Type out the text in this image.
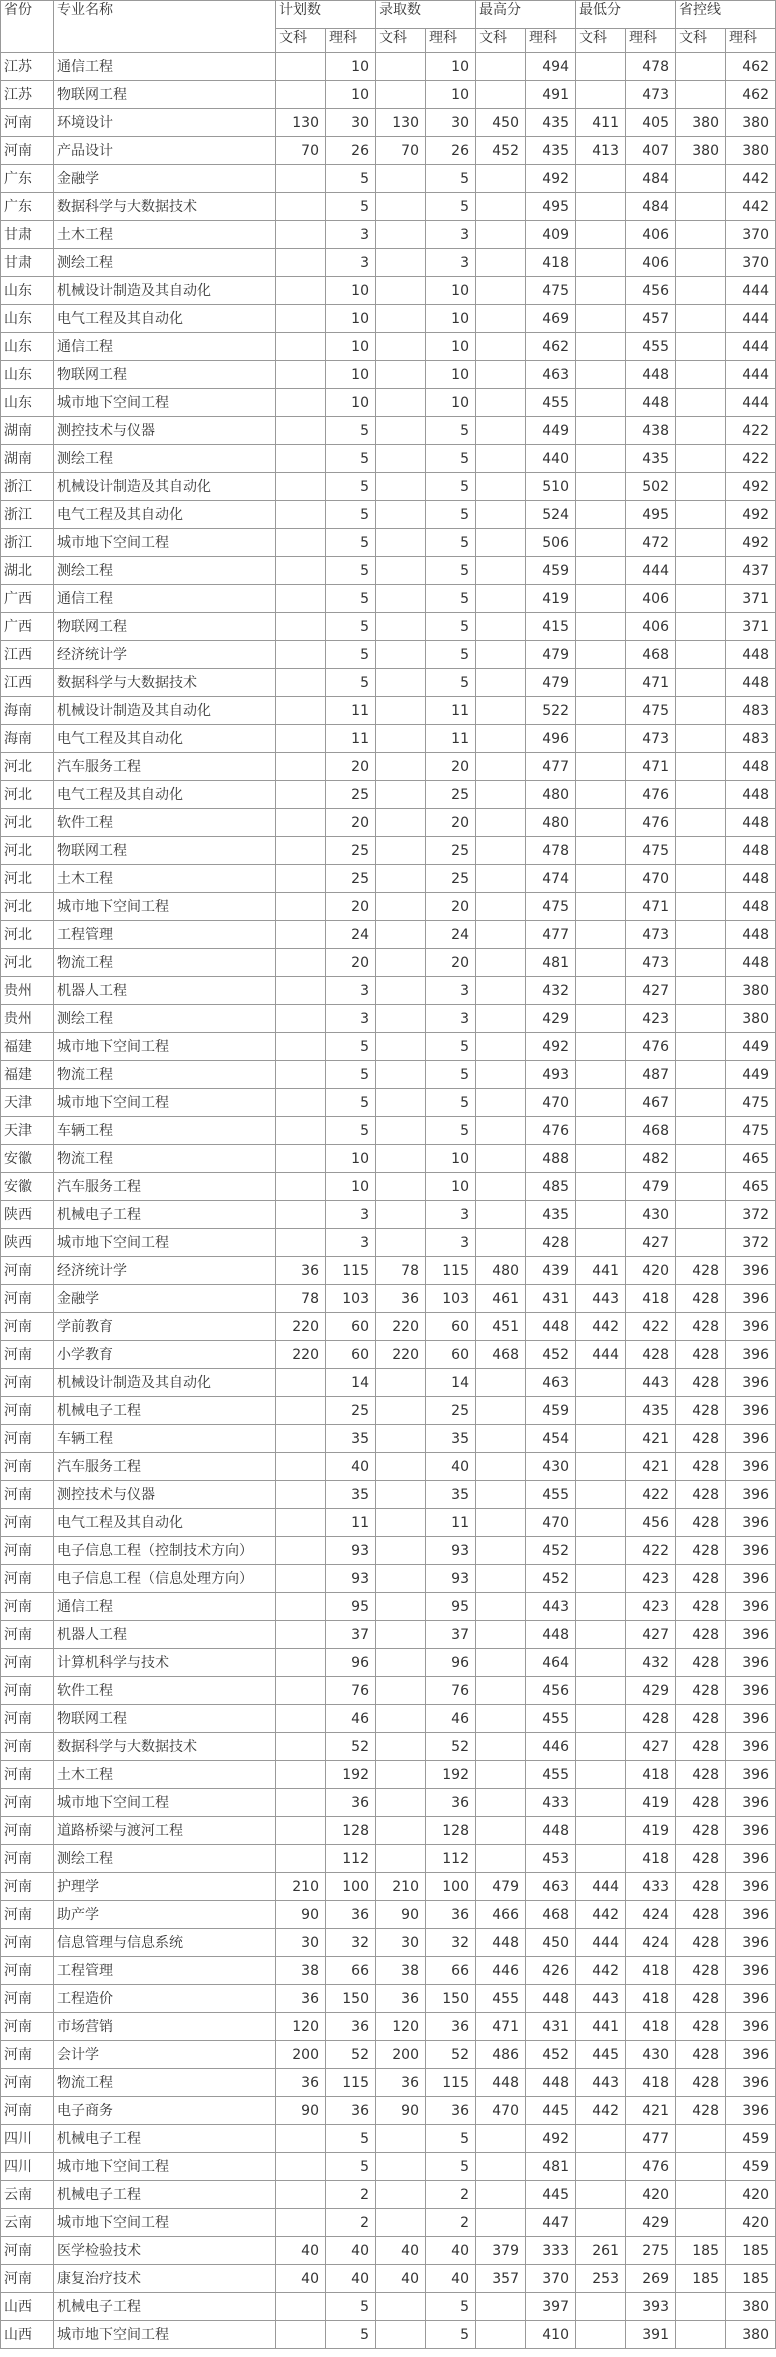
省份	专业名称	计划数		录取数		最高分		最低分		省控线	
		文科	理科	文科	理科	文科	理科	文科	理科	文科	理科
江苏	通信工程		10		10		494		478		462
江苏	物联网工程		10		10		491		473		462
河南	环境设计	130	30	130	30	450	435	411	405	380	380
河南	产品设计	70	26	70	26	452	435	413	407	380	380
广东	金融学		5		5		492		484		442
广东	数据科学与大数据技术		5		5		495		484		442
甘肃	土木工程		3		3		409		406		370
甘肃	测绘工程		3		3		418		406		370
山东	机械设计制造及其自动化		10		10		475		456		444
山东	电气工程及其自动化		10		10		469		457		444
山东	通信工程		10		10		462		455		444
山东	物联网工程		10		10		463		448		444
山东	城市地下空间工程		10		10		455		448		444
湖南	测控技术与仪器		5		5		449		438		422
湖南	测绘工程		5		5		440		435		422
浙江	机械设计制造及其自动化		5		5		510		502		492
浙江	电气工程及其自动化		5		5		524		495		492
浙江	城市地下空间工程		5		5		506		472		492
湖北	测绘工程		5		5		459		444		437
广西	通信工程		5		5		419		406		371
广西	物联网工程		5		5		415		406		371
江西	经济统计学		5		5		479		468		448
江西	数据科学与大数据技术		5		5		479		471		448
海南	机械设计制造及其自动化		11		11		522		475		483
海南	电气工程及其自动化		11		11		496		473		483
河北	汽车服务工程		20		20		477		471		448
河北	电气工程及其自动化		25		25		480		476		448
河北	软件工程		20		20		480		476		448
河北	物联网工程		25		25		478		475		448
河北	土木工程		25		25		474		470		448
河北	城市地下空间工程		20		20		475		471		448
河北	工程管理		24		24		477		473		448
河北	物流工程		20		20		481		473		448
贵州	机器人工程		3		3		432		427		380
贵州	测绘工程		3		3		429		423		380
福建	城市地下空间工程		5		5		492		476		449
福建	物流工程		5		5		493		487		449
天津	城市地下空间工程		5		5		470		467		475
天津	车辆工程		5		5		476		468		475
安徽	物流工程		10		10		488		482		465
安徽	汽车服务工程		10		10		485		479		465
陕西	机械电子工程		3		3		435		430		372
陕西	城市地下空间工程		3		3		428		427		372
河南	经济统计学	36	115	78	115	480	439	441	420	428	396
河南	金融学	78	103	36	103	461	431	443	418	428	396
河南	学前教育	220	60	220	60	451	448	442	422	428	396
河南	小学教育	220	60	220	60	468	452	444	428	428	396
河南	机械设计制造及其自动化		14		14		463		443	428	396
河南	机械电子工程		25		25		459		435	428	396
河南	车辆工程		35		35		454		421	428	396
河南	汽车服务工程		40		40		430		421	428	396
河南	测控技术与仪器		35		35		455		422	428	396
河南	电气工程及其自动化		11		11		470		456	428	396
河南	电子信息工程（控制技术方向）		93		93		452		422	428	396
河南	电子信息工程（信息处理方向）		93		93		452		423	428	396
河南	通信工程		95		95		443		423	428	396
河南	机器人工程		37		37		448		427	428	396
河南	计算机科学与技术		96		96		464		432	428	396
河南	软件工程		76		76		456		429	428	396
河南	物联网工程		46		46		455		428	428	396
河南	数据科学与大数据技术		52		52		446		427	428	396
河南	土木工程		192		192		455		418	428	396
河南	城市地下空间工程		36		36		433		419	428	396
河南	道路桥梁与渡河工程		128		128		448		419	428	396
河南	测绘工程		112		112		453		418	428	396
河南	护理学	210	100	210	100	479	463	444	433	428	396
河南	助产学	90	36	90	36	466	468	442	424	428	396
河南	信息管理与信息系统	30	32	30	32	448	450	444	424	428	396
河南	工程管理	38	66	38	66	446	426	442	418	428	396
河南	工程造价	36	150	36	150	455	448	443	418	428	396
河南	市场营销	120	36	120	36	471	431	441	418	428	396
河南	会计学	200	52	200	52	486	452	445	430	428	396
河南	物流工程	36	115	36	115	448	448	443	418	428	396
河南	电子商务	90	36	90	36	470	445	442	421	428	396
四川	机械电子工程		5		5		492		477		459
四川	城市地下空间工程		5		5		481		476		459
云南	机械电子工程		2		2		445		420		420
云南	城市地下空间工程		2		2		447		429		420
河南	医学检验技术	40	40	40	40	379	333	261	275	185	185
河南	康复治疗技术	40	40	40	40	357	370	253	269	185	185
山西	机械电子工程		5		5		397		393		380
山西	城市地下空间工程		5		5		410		391		380
